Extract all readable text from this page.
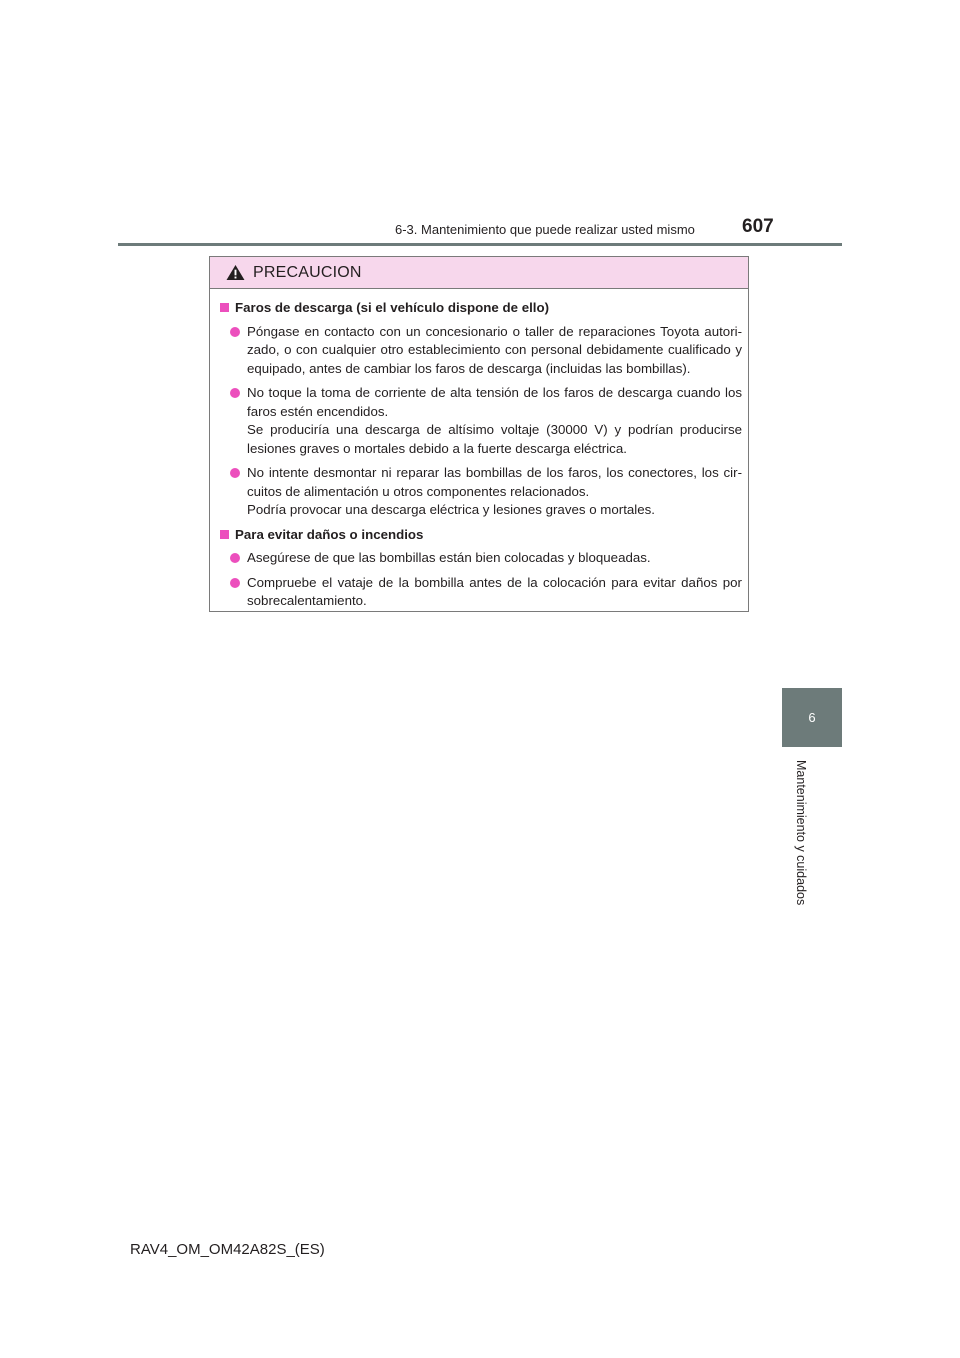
6-3. Mantenimiento que puede realizar usted mismo 607
PRECAUCION
Faros de descarga (si el vehículo dispone de ello)

Póngase en contacto con un concesionario o taller de reparaciones Toyota autori-zado, o con cualquier otro establecimiento con personal debidamente cualificado y equipado, antes de cambiar los faros de descarga (incluidas las bombillas).

No toque la toma de corriente de alta tensión de los faros de descarga cuando los faros estén encendidos.

Se produciría una descarga de altísimo voltaje (30000 V) y podrían producirse lesiones graves o mortales debido a la fuerte descarga eléctrica.

No intente desmontar ni reparar las bombillas de los faros, los conectores, los cir-cuitos de alimentación u otros componentes relacionados.

Podría provocar una descarga eléctrica y lesiones graves o mortales.

Para evitar daños o incendios

Asegúrese de que las bombillas están bien colocadas y bloqueadas.

Compruebe el vataje de la bombilla antes de la colocación para evitar daños por sobrecalentamiento.

6
Mantenimiento y cuidados
RAV4_OM_OM42A82S_(ES)
